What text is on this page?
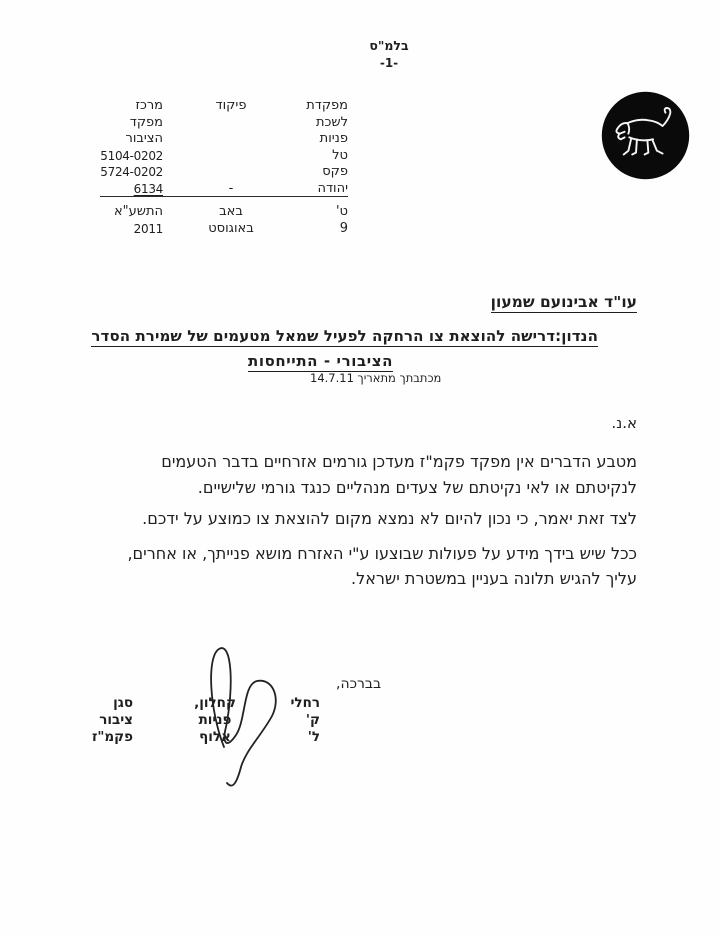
בלמ"ס
-1-
מפקדת
פיקוד
מרכז
לשכת
מפקד
פניות
הציבור
טל
5104-0202
פקס
5724-0202
יהודה
-
6134
ט'
באב
התשע"א
9
באוגוסט
2011
עו"ד אבינועם שמעון
הנדון:דרישה להוצאת צו הרחקה לפעיל שמאל מטעמים של שמירת הסדר
הציבורי - התייחסות
מכתבתך מתאריך 14.7.11
א.נ.
מטבע הדברים אין מפקד פקמ"ז מעדכן גורמים אזרחיים בדבר הטעמים
לנקיטתם או לאי נקיטתם של צעדים מנהליים כנגד גורמי שלישיים.
לצד זאת יאמר, כי נכון להיום לא נמצא מקום להוצאת צו כמוצע על ידכם.
ככל שיש בידך מידע על פעולות שבוצעו ע"י האזרח מושא פנייתך, או אחרים,
עליך להגיש תלונה בעניין במשטרת ישראל.
בברכה,
רחלי
קחלון,
סגן
ק'
פניות
ציבור
ל'
אלוף
פקמ"ז
